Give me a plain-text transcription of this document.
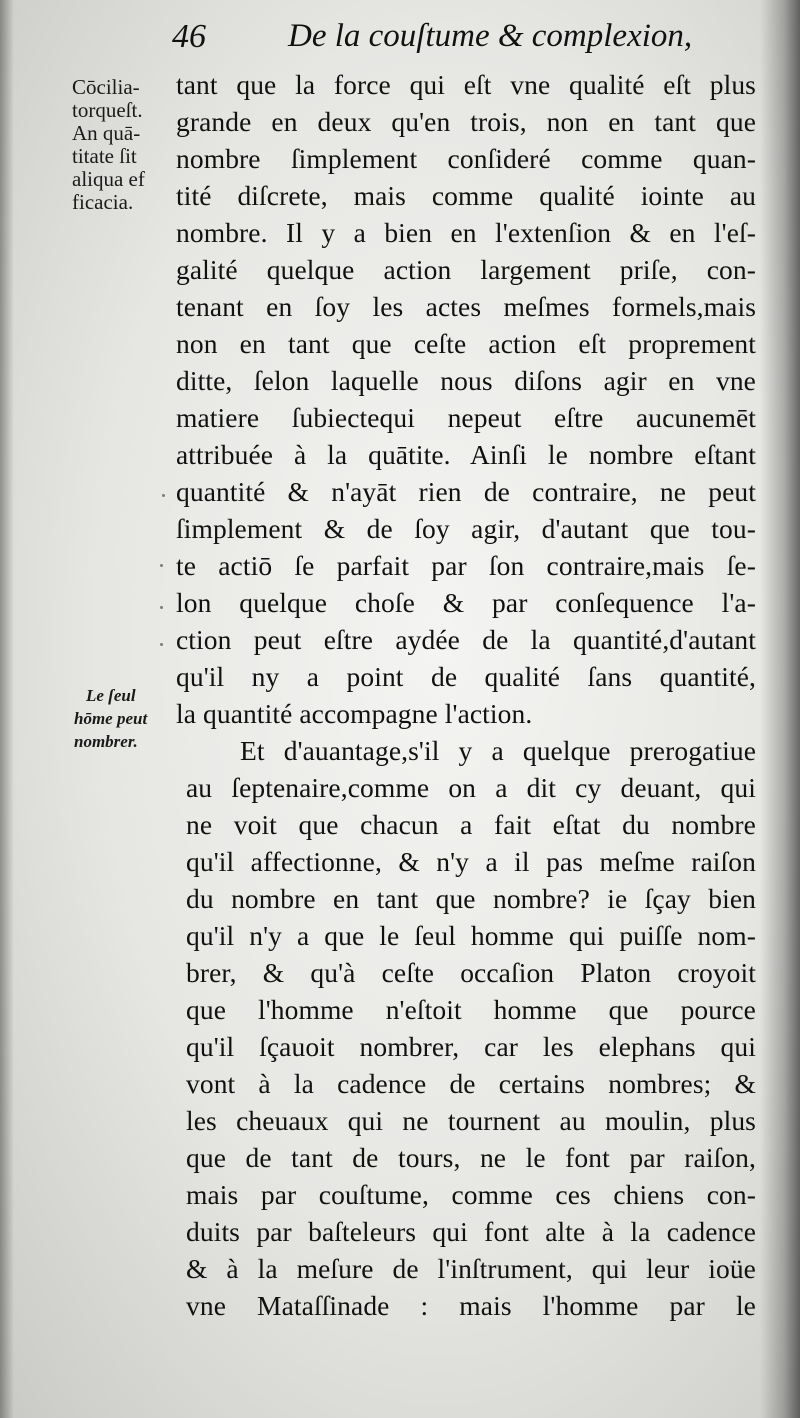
46 De la couſtume & complexion,
Cōcilia-
torqueſt.
An quā-
titate ſit
aliqua ef
ficacia.
Le ſeul
hōme peut
nombrer.
tant que la force qui eſt vne qualité eſt plus
grande en deux qu'en trois, non en tant que
nombre ſimplement conſideré comme quan-
tité diſcrete, mais comme qualité iointe au
nombre. Il y a bien en l'extenſion & en l'eſ-
galité quelque action largement priſe, con-
tenant en ſoy les actes meſmes formels,mais
non en tant que ceſte action eſt proprement
ditte, ſelon laquelle nous diſons agir en vne
matiere ſubiectequi nepeut eſtre aucunemēt
attribuée à la quātite. Ainſi le nombre eſtant
quantité & n'ayāt rien de contraire, ne peut
ſimplement & de ſoy agir, d'autant que tou-
te actiō ſe parfait par ſon contraire,mais ſe-
lon quelque choſe & par conſequence l'a-
ction peut eſtre aydée de la quantité,d'autant
qu'il ny a point de qualité ſans quantité,
la quantité accompagne l'action.
Et d'auantage,s'il y a quelque prerogatiue
au ſeptenaire,comme on a dit cy deuant, qui
ne voit que chacun a fait eſtat du nombre
qu'il affectionne, & n'y a il pas meſme raiſon
du nombre en tant que nombre? ie ſçay bien
qu'il n'y a que le ſeul homme qui puiſſe nom-
brer, & qu'à ceſte occaſion Platon croyoit
que l'homme n'eſtoit homme que pource
qu'il ſçauoit nombrer, car les elephans qui
vont à la cadence de certains nombres; &
les cheuaux qui ne tournent au moulin, plus
que de tant de tours, ne le font par raiſon,
mais par couſtume, comme ces chiens con-
duits par baſteleurs qui font alte à la cadence
& à la meſure de l'inſtrument, qui leur ioüe
vne Mataſſinade : mais l'homme par le
